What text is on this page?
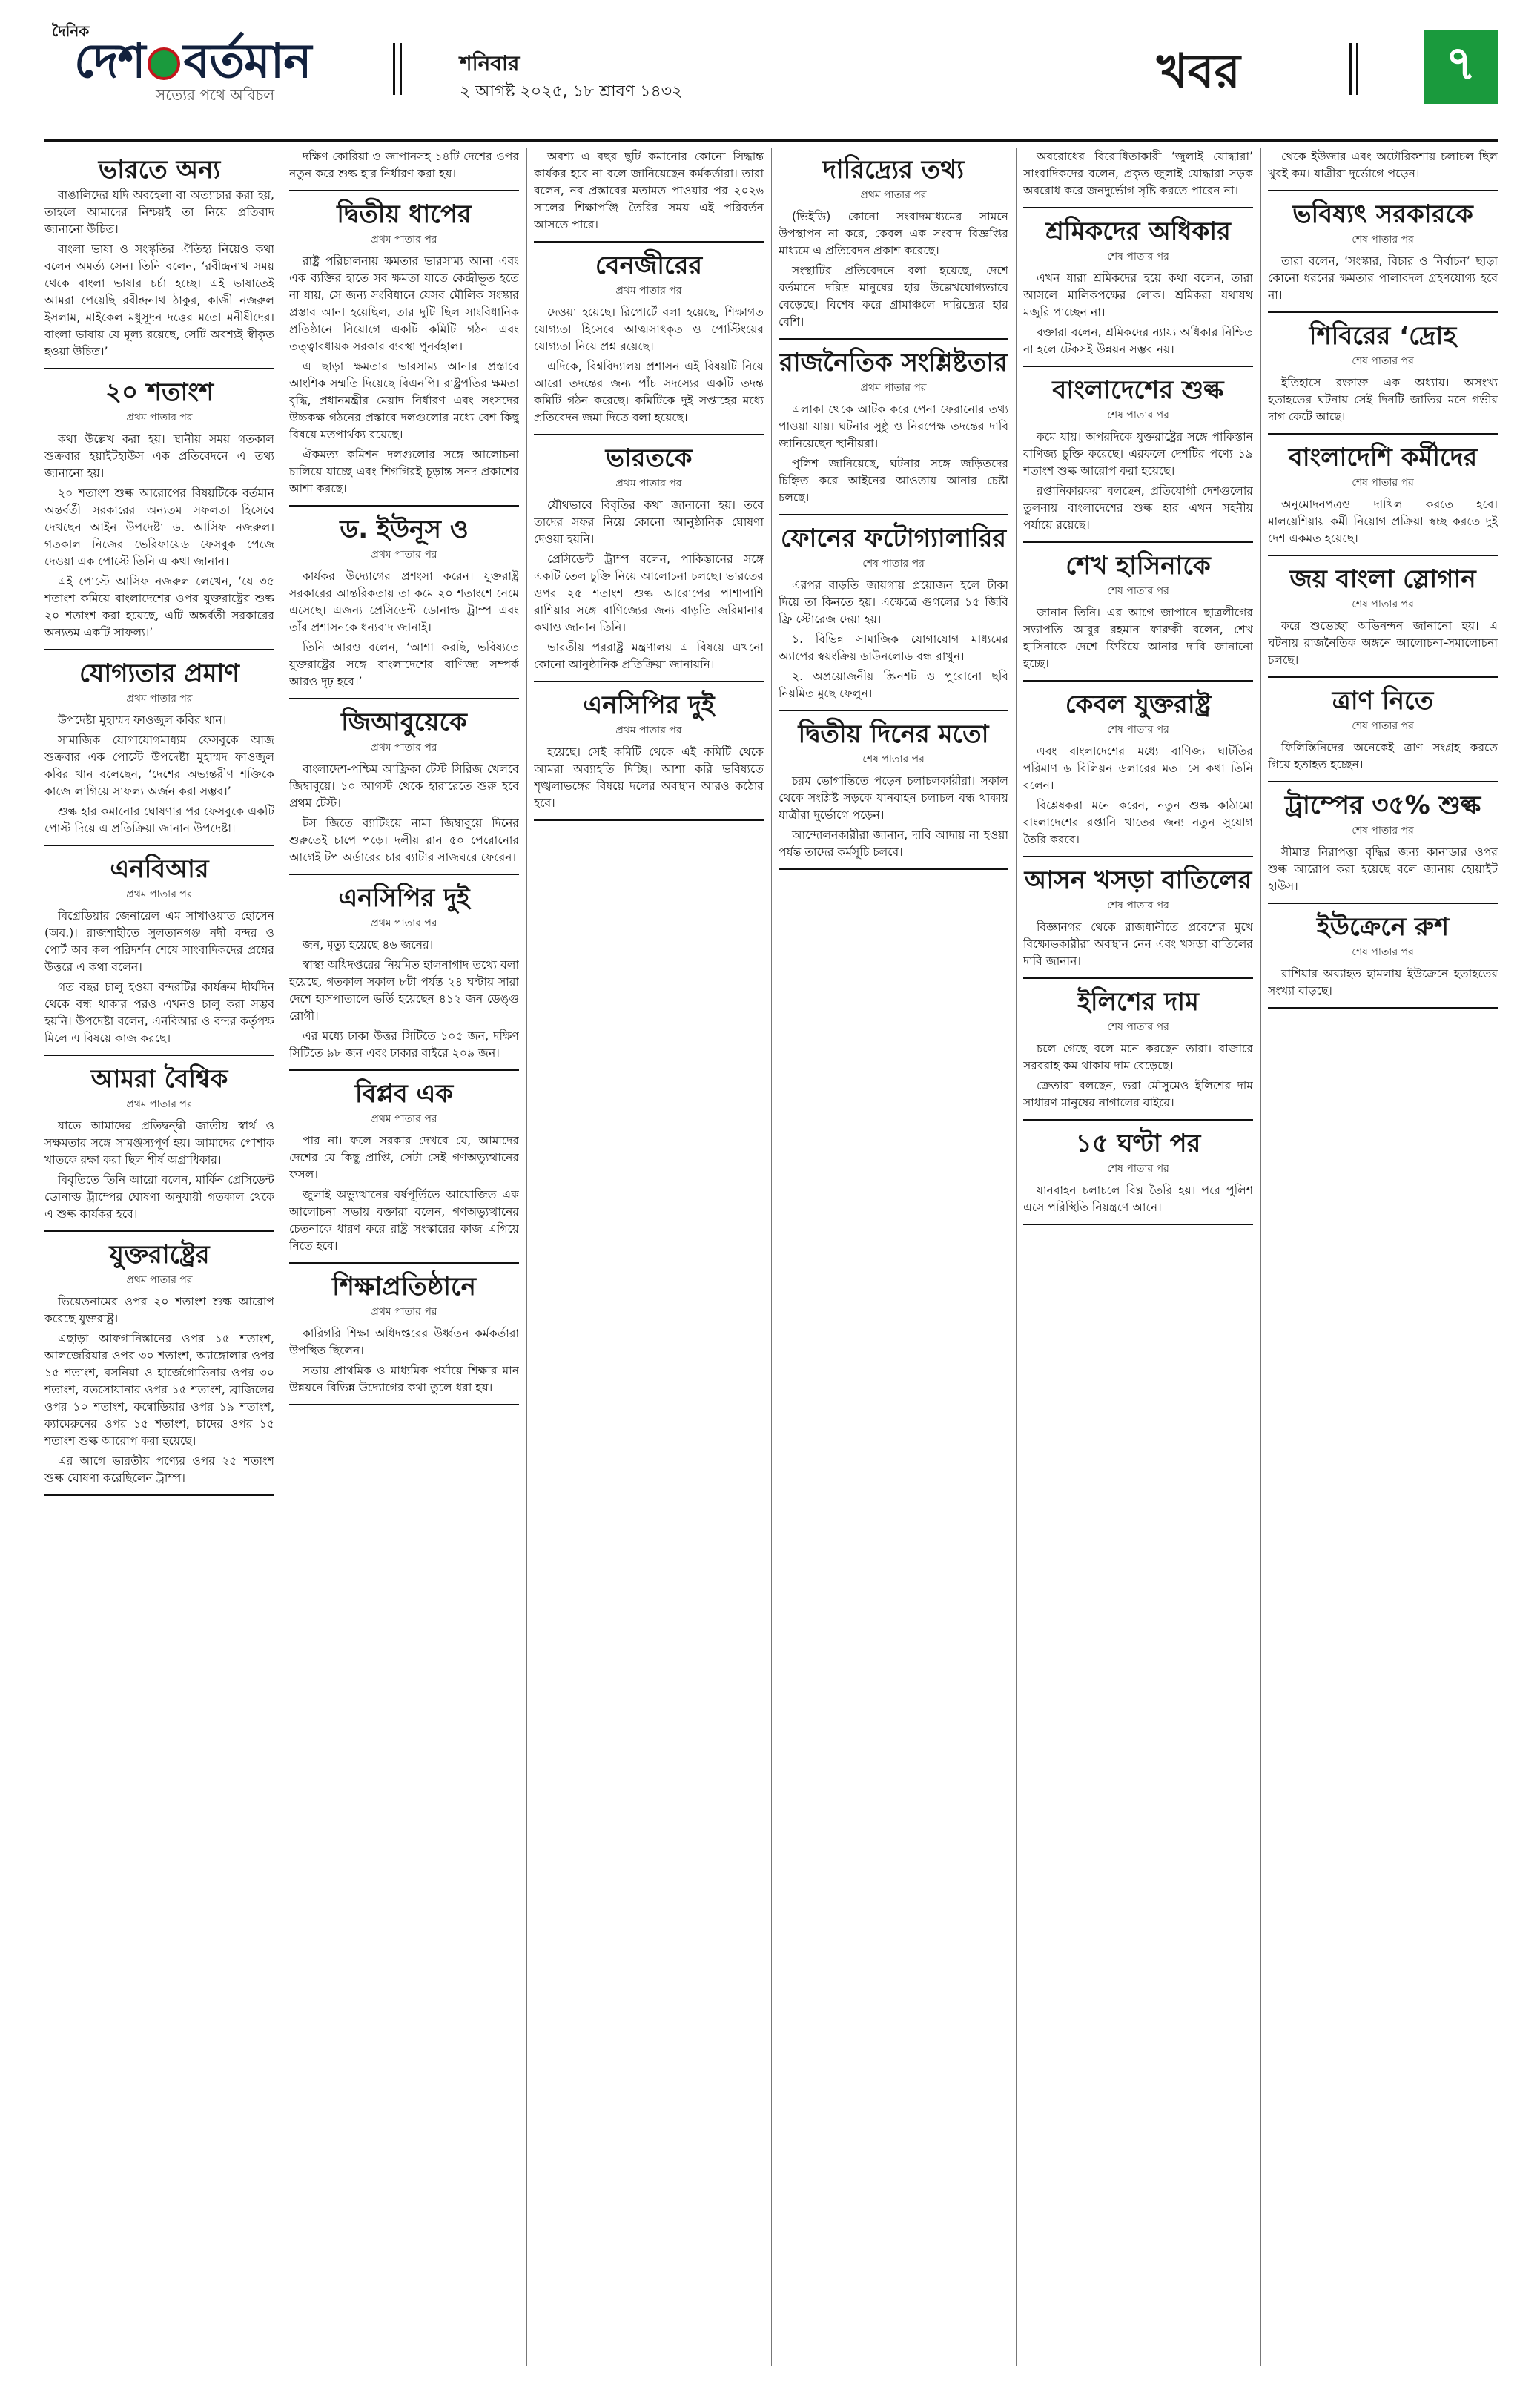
দৈনিক
দেশ বর্তমান
সত্যের পথে অবিচল
শনিবার
২ আগষ্ট ২০২৫, ১৮ শ্রাবণ ১৪৩২	খবর	৭
ভারতে অন্য

বাঙালিদের যদি অবহেলা বা অত্যাচার করা হয়, তাহলে আমাদের নিশ্চয়ই তা নিয়ে প্রতিবাদ জানানো উচিত।

বাংলা ভাষা ও সংস্কৃতির ঐতিহ্য নিয়েও কথা বলেন অমর্ত্য সেন। তিনি বলেন, ‘রবীন্দ্রনাথ সময় থেকে বাংলা ভাষার চর্চা হচ্ছে। এই ভাষাতেই আমরা পেয়েছি রবীন্দ্রনাথ ঠাকুর, কাজী নজরুল ইসলাম, মাইকেল মধুসূদন দত্তের মতো মনীষীদের। বাংলা ভাষায় যে মূল্য রয়েছে, সেটি অবশ্যই স্বীকৃত হওয়া উচিত।’

২০ শতাংশ
প্রথম পাতার পর

কথা উল্লেখ করা হয়। স্থানীয় সময় গতকাল শুক্রবার হয়াইটহাউস এক প্রতিবেদনে এ তথ্য জানানো হয়।

২০ শতাংশ শুল্ক আরোপের বিষয়টিকে বর্তমান অন্তর্বর্তী সরকারের অন্যতম সফলতা হিসেবে দেখছেন আইন উপদেষ্টা ড. আসিফ নজরুল। গতকাল নিজের ভেরিফায়েড ফেসবুক পেজে দেওয়া এক পোস্টে তিনি এ কথা জানান।

এই পোস্টে আসিফ নজরুল লেখেন, ‘যে ৩৫ শতাংশ কমিয়ে বাংলাদেশের ওপর যুক্তরাষ্ট্রের শুল্ক ২০ শতাংশ করা হয়েছে, এটি অন্তর্বর্তী সরকারের অন্যতম একটি সাফল্য।’

যোগ্যতার প্রমাণ
প্রথম পাতার পর

উপদেষ্টা মুহাম্মদ ফাওজুল কবির খান।

সামাজিক যোগাযোগমাধ্যম ফেসবুকে আজ শুক্রবার এক পোস্টে উপদেষ্টা মুহাম্মদ ফাওজুল কবির খান বলেছেন, ‘দেশের অভ্যন্তরীণ শক্তিকে কাজে লাগিয়ে সাফল্য অর্জন করা সম্ভব।’

শুল্ক হার কমানোর ঘোষণার পর ফেসবুকে একটি পোস্ট দিয়ে এ প্রতিক্রিয়া জানান উপদেষ্টা।

এনবিআর
প্রথম পাতার পর

বিগ্রেডিয়ার জেনারেল এম সাখাওয়াত হোসেন (অব.)। রাজশাহীতে সুলতানগঞ্জ নদী বন্দর ও পোর্ট অব কল পরিদর্শন শেষে সাংবাদিকদের প্রশ্নের উত্তরে এ কথা বলেন।

গত বছর চালু হওয়া বন্দরটির কার্যক্রম দীর্ঘদিন থেকে বন্ধ থাকার পরও এখনও চালু করা সম্ভব হয়নি। উপদেষ্টা বলেন, এনবিআর ও বন্দর কর্তৃপক্ষ মিলে এ বিষয়ে কাজ করছে।

আমরা বৈশ্বিক
প্রথম পাতার পর

যাতে আমাদের প্রতিদ্বন্দ্বী জাতীয় স্বার্থ ও সক্ষমতার সঙ্গে সামঞ্জস্যপূর্ণ হয়। আমাদের পোশাক খাতকে রক্ষা করা ছিল শীর্ষ অগ্রাধিকার।

বিবৃতিতে তিনি আরো বলেন, মার্কিন প্রেসিডেন্ট ডোনাল্ড ট্রাম্পের ঘোষণা অনুযায়ী গতকাল থেকে এ শুল্ক কার্যকর হবে।

যুক্তরাষ্ট্রের
প্রথম পাতার পর

ভিয়েতনামের ওপর ২০ শতাংশ শুল্ক আরোপ করেছে যুক্তরাষ্ট্র।

এছাড়া আফগানিস্তানের ওপর ১৫ শতাংশ, আলজেরিয়ার ওপর ৩০ শতাংশ, অ্যাঙ্গোলার ওপর ১৫ শতাংশ, বসনিয়া ও হার্জেগোভিনার ওপর ৩০ শতাংশ, বতসোয়ানার ওপর ১৫ শতাংশ, ব্রাজিলের ওপর ১০ শতাংশ, কম্বোডিয়ার ওপর ১৯ শতাংশ, ক্যামেরুনের ওপর ১৫ শতাংশ, চাদের ওপর ১৫ শতাংশ শুল্ক আরোপ করা হয়েছে।

এর আগে ভারতীয় পণ্যের ওপর ২৫ শতাংশ শুল্ক ঘোষণা করেছিলেন ট্রাম্প।

দক্ষিণ কোরিয়া ও জাপানসহ ১৪টি দেশের ওপর নতুন করে শুল্ক হার নির্ধারণ করা হয়।

দ্বিতীয় ধাপের
প্রথম পাতার পর

রাষ্ট্র পরিচালনায় ক্ষমতার ভারসাম্য আনা এবং এক ব্যক্তির হাতে সব ক্ষমতা যাতে কেন্দ্রীভূত হতে না যায়, সে জন্য সংবিধানে যেসব মৌলিক সংস্কার প্রস্তাব আনা হয়েছিল, তার দুটি ছিল সাংবিধানিক প্রতিষ্ঠানে নিয়োগে একটি কমিটি গঠন এবং তত্ত্বাবধায়ক সরকার ব্যবস্থা পুনর্বহাল।

এ ছাড়া ক্ষমতার ভারসাম্য আনার প্রস্তাবে আংশিক সম্মতি দিয়েছে বিএনপি। রাষ্ট্রপতির ক্ষমতা বৃদ্ধি, প্রধানমন্ত্রীর মেয়াদ নির্ধারণ এবং সংসদের উচ্চকক্ষ গঠনের প্রস্তাবে দলগুলোর মধ্যে বেশ কিছু বিষয়ে মতপার্থক্য রয়েছে।

ঐকমত্য কমিশন দলগুলোর সঙ্গে আলোচনা চালিয়ে যাচ্ছে এবং শিগগিরই চূড়ান্ত সনদ প্রকাশের আশা করছে।

ড. ইউনূস ও
প্রথম পাতার পর

কার্যকর উদ্যোগের প্রশংসা করেন। যুক্তরাষ্ট্র সরকারের আন্তরিকতায় তা কমে ২০ শতাংশে নেমে এসেছে। এজন্য প্রেসিডেন্ট ডোনাল্ড ট্রাম্প এবং তাঁর প্রশাসনকে ধন্যবাদ জানাই।

তিনি আরও বলেন, ‘আশা করছি, ভবিষ্যতে যুক্তরাষ্ট্রের সঙ্গে বাংলাদেশের বাণিজ্য সম্পর্ক আরও দৃঢ় হবে।’

জিআবুয়েকে
প্রথম পাতার পর

বাংলাদেশ-পশ্চিম আফ্রিকা টেস্ট সিরিজ খেলবে জিম্বাবুয়ে। ১০ আগস্ট থেকে হারারেতে শুরু হবে প্রথম টেস্ট।

টস জিতে ব্যাটিংয়ে নামা জিম্বাবুয়ে দিনের শুরুতেই চাপে পড়ে। দলীয় রান ৫০ পেরোনোর আগেই টপ অর্ডারের চার ব্যাটার সাজঘরে ফেরেন।

এনসিপির দুই
প্রথম পাতার পর

জন, মৃত্যু হয়েছে ৪৬ জনের।

স্বাস্থ্য অধিদপ্তরের নিয়মিত হালনাগাদ তথ্যে বলা হয়েছে, গতকাল সকাল ৮টা পর্যন্ত ২৪ ঘণ্টায় সারা দেশে হাসপাতালে ভর্তি হয়েছেন ৪১২ জন ডেঙ্গু রোগী।

এর মধ্যে ঢাকা উত্তর সিটিতে ১০৫ জন, দক্ষিণ সিটিতে ৯৮ জন এবং ঢাকার বাইরে ২০৯ জন।

বিপ্লব এক
প্রথম পাতার পর

পার না। ফলে সরকার দেখবে যে, আমাদের দেশের যে কিছু প্রাপ্তি, সেটা সেই গণঅভ্যুত্থানের ফসল।

জুলাই অভ্যুত্থানের বর্ষপূর্তিতে আয়োজিত এক আলোচনা সভায় বক্তারা বলেন, গণঅভ্যুত্থানের চেতনাকে ধারণ করে রাষ্ট্র সংস্কারের কাজ এগিয়ে নিতে হবে।

শিক্ষাপ্রতিষ্ঠানে
প্রথম পাতার পর

কারিগরি শিক্ষা অধিদপ্তরের উর্ধ্বতন কর্মকর্তারা উপস্থিত ছিলেন।

সভায় প্রাথমিক ও মাধ্যমিক পর্যায়ে শিক্ষার মান উন্নয়নে বিভিন্ন উদ্যোগের কথা তুলে ধরা হয়।

অবশ্য এ বছর ছুটি কমানোর কোনো সিদ্ধান্ত কার্যকর হবে না বলে জানিয়েছেন কর্মকর্তারা। তারা বলেন, নব প্রস্তাবের মতামত পাওয়ার পর ২০২৬ সালের শিক্ষাপঞ্জি তৈরির সময় এই পরিবর্তন আসতে পারে।

বেনজীরের
প্রথম পাতার পর

দেওয়া হয়েছে। রিপোর্টে বলা হয়েছে, শিক্ষাগত যোগ্যতা হিসেবে আত্মসাৎকৃত ও পোস্টিংয়ের যোগ্যতা নিয়ে প্রশ্ন রয়েছে।

এদিকে, বিশ্ববিদ্যালয় প্রশাসন এই বিষয়টি নিয়ে আরো তদন্তের জন্য পাঁচ সদস্যের একটি তদন্ত কমিটি গঠন করেছে। কমিটিকে দুই সপ্তাহের মধ্যে প্রতিবেদন জমা দিতে বলা হয়েছে।

ভারতকে
প্রথম পাতার পর

যৌথভাবে বিবৃতির কথা জানানো হয়। তবে তাদের সফর নিয়ে কোনো আনুষ্ঠানিক ঘোষণা দেওয়া হয়নি।

প্রেসিডেন্ট ট্রাম্প বলেন, পাকিস্তানের সঙ্গে একটি তেল চুক্তি নিয়ে আলোচনা চলছে। ভারতের ওপর ২৫ শতাংশ শুল্ক আরোপের পাশাপাশি রাশিয়ার সঙ্গে বাণিজ্যের জন্য বাড়তি জরিমানার কথাও জানান তিনি।

ভারতীয় পররাষ্ট্র মন্ত্রণালয় এ বিষয়ে এখনো কোনো আনুষ্ঠানিক প্রতিক্রিয়া জানায়নি।

এনসিপির দুই
প্রথম পাতার পর

হয়েছে। সেই কমিটি থেকে এই কমিটি থেকে আমরা অব্যাহতি দিচ্ছি। আশা করি ভবিষ্যতে শৃঙ্খলাভঙ্গের বিষয়ে দলের অবস্থান আরও কঠোর হবে।

দারিদ্র্যের তথ্য
প্রথম পাতার পর

(ভিইডি) কোনো সংবাদমাধ্যমের সামনে উপস্থাপন না করে, কেবল এক সংবাদ বিজ্ঞপ্তির মাধ্যমে এ প্রতিবেদন প্রকাশ করেছে।

সংস্থাটির প্রতিবেদনে বলা হয়েছে, দেশে বর্তমানে দরিদ্র মানুষের হার উল্লেখযোগ্যভাবে বেড়েছে। বিশেষ করে গ্রামাঞ্চলে দারিদ্র্যের হার বেশি।

রাজনৈতিক সংশ্লিষ্টতার
প্রথম পাতার পর

এলাকা থেকে আটক করে পেনা ফেরানোর তথ্য পাওয়া যায়। ঘটনার সুষ্ঠু ও নিরপেক্ষ তদন্তের দাবি জানিয়েছেন স্থানীয়রা।

পুলিশ জানিয়েছে, ঘটনার সঙ্গে জড়িতদের চিহ্নিত করে আইনের আওতায় আনার চেষ্টা চলছে।

ফোনের ফটোগ্যালারির
শেষ পাতার পর

এরপর বাড়তি জায়গায় প্রয়োজন হলে টাকা দিয়ে তা কিনতে হয়। এক্ষেত্রে গুগলের ১৫ জিবি ফ্রি স্টোরেজ দেয়া হয়।

১. বিভিন্ন সামাজিক যোগাযোগ মাধ্যমের অ্যাপের স্বয়ংক্রিয় ডাউনলোড বন্ধ রাখুন।

২. অপ্রয়োজনীয় স্ক্রিনশট ও পুরোনো ছবি নিয়মিত মুছে ফেলুন।

দ্বিতীয় দিনের মতো
শেষ পাতার পর

চরম ভোগান্তিতে পড়েন চলাচলকারীরা। সকাল থেকে সংশ্লিষ্ট সড়কে যানবাহন চলাচল বন্ধ থাকায় যাত্রীরা দুর্ভোগে পড়েন।

আন্দোলনকারীরা জানান, দাবি আদায় না হওয়া পর্যন্ত তাদের কর্মসূচি চলবে।

অবরোধের বিরোধিতাকারী ‘জুলাই যোদ্ধারা’ সাংবাদিকদের বলেন, প্রকৃত জুলাই যোদ্ধারা সড়ক অবরোধ করে জনদুর্ভোগ সৃষ্টি করতে পারেন না।

শ্রমিকদের অধিকার
শেষ পাতার পর

এখন যারা শ্রমিকদের হয়ে কথা বলেন, তারা আসলে মালিকপক্ষের লোক। শ্রমিকরা যথাযথ মজুরি পাচ্ছেন না।

বক্তারা বলেন, শ্রমিকদের ন্যায্য অধিকার নিশ্চিত না হলে টেকসই উন্নয়ন সম্ভব নয়।

বাংলাদেশের শুল্ক
শেষ পাতার পর

কমে যায়। অপরদিকে যুক্তরাষ্ট্রের সঙ্গে পাকিস্তান বাণিজ্য চুক্তি করেছে। এরফলে দেশটির পণ্যে ১৯ শতাংশ শুল্ক আরোপ করা হয়েছে।

রপ্তানিকারকরা বলছেন, প্রতিযোগী দেশগুলোর তুলনায় বাংলাদেশের শুল্ক হার এখন সহনীয় পর্যায়ে রয়েছে।

শেখ হাসিনাকে
শেষ পাতার পর

জানান তিনি। এর আগে জাপানে ছাত্রলীগের সভাপতি আবুর রহমান ফারুকী বলেন, শেখ হাসিনাকে দেশে ফিরিয়ে আনার দাবি জানানো হচ্ছে।

কেবল যুক্তরাষ্ট্র
শেষ পাতার পর

এবং বাংলাদেশের মধ্যে বাণিজ্য ঘাটতির পরিমাণ ৬ বিলিয়ন ডলারের মত। সে কথা তিনি বলেন।

বিশ্লেষকরা মনে করেন, নতুন শুল্ক কাঠামো বাংলাদেশের রপ্তানি খাতের জন্য নতুন সুযোগ তৈরি করবে।

আসন খসড়া বাতিলের
শেষ পাতার পর

বিজ্ঞানগর থেকে রাজধানীতে প্রবেশের মুখে বিক্ষোভকারীরা অবস্থান নেন এবং খসড়া বাতিলের দাবি জানান।

ইলিশের দাম
শেষ পাতার পর

চলে গেছে বলে মনে করছেন তারা। বাজারে সরবরাহ কম থাকায় দাম বেড়েছে।

ক্রেতারা বলছেন, ভরা মৌসুমেও ইলিশের দাম সাধারণ মানুষের নাগালের বাইরে।

১৫ ঘণ্টা পর
শেষ পাতার পর

যানবাহন চলাচলে বিঘ্ন তৈরি হয়। পরে পুলিশ এসে পরিস্থিতি নিয়ন্ত্রণে আনে।

থেকে ইউজার এবং অটোরিকশায় চলাচল ছিল খুবই কম। যাত্রীরা দুর্ভোগে পড়েন।

ভবিষ্যৎ সরকারকে
শেষ পাতার পর

তারা বলেন, ‘সংস্কার, বিচার ও নির্বাচন’ ছাড়া কোনো ধরনের ক্ষমতার পালাবদল গ্রহণযোগ্য হবে না।

শিবিরের ‘দ্রোহ
শেষ পাতার পর

ইতিহাসে রক্তাক্ত এক অধ্যায়। অসংখ্য হতাহতের ঘটনায় সেই দিনটি জাতির মনে গভীর দাগ কেটে আছে।

বাংলাদেশি কর্মীদের
শেষ পাতার পর

অনুমোদনপত্রও দাখিল করতে হবে। মালয়েশিয়ায় কর্মী নিয়োগ প্রক্রিয়া স্বচ্ছ করতে দুই দেশ একমত হয়েছে।

জয় বাংলা স্লোগান
শেষ পাতার পর

করে শুভেচ্ছা অভিনন্দন জানানো হয়। এ ঘটনায় রাজনৈতিক অঙ্গনে আলোচনা-সমালোচনা চলছে।

ত্রাণ নিতে
শেষ পাতার পর

ফিলিস্তিনিদের অনেকেই ত্রাণ সংগ্রহ করতে গিয়ে হতাহত হচ্ছেন।

ট্রাম্পের ৩৫% শুল্ক
শেষ পাতার পর

সীমান্ত নিরাপত্তা বৃদ্ধির জন্য কানাডার ওপর শুল্ক আরোপ করা হয়েছে বলে জানায় হোয়াইট হাউস।

ইউক্রেনে রুশ
শেষ পাতার পর

রাশিয়ার অব্যাহত হামলায় ইউক্রেনে হতাহতের সংখ্যা বাড়ছে।
